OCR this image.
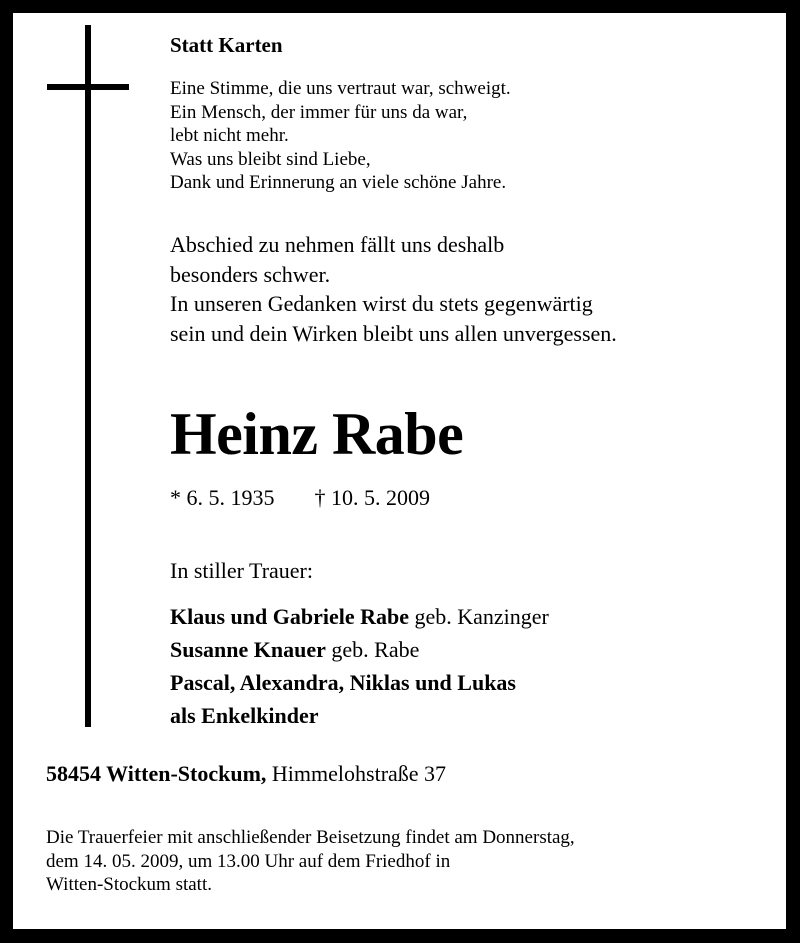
Statt Karten
Eine Stimme, die uns vertraut war, schweigt.
Ein Mensch, der immer für uns da war,
lebt nicht mehr.
Was uns bleibt sind Liebe,
Dank und Erinnerung an viele schöne Jahre.
Abschied zu nehmen fällt uns deshalb
besonders schwer.
In unseren Gedanken wirst du stets gegenwärtig
sein und dein Wirken bleibt uns allen unvergessen.
Heinz Rabe
* 6. 5. 1935 † 10. 5. 2009
In stiller Trauer:
Klaus und Gabriele Rabe geb. Kanzinger
Susanne Knauer geb. Rabe
Pascal, Alexandra, Niklas und Lukas
als Enkelkinder
58454 Witten-Stockum, Himmelohstraße 37
Die Trauerfeier mit anschließender Beisetzung findet am Donnerstag,
dem 14. 05. 2009, um 13.00 Uhr auf dem Friedhof in
Witten-Stockum statt.
